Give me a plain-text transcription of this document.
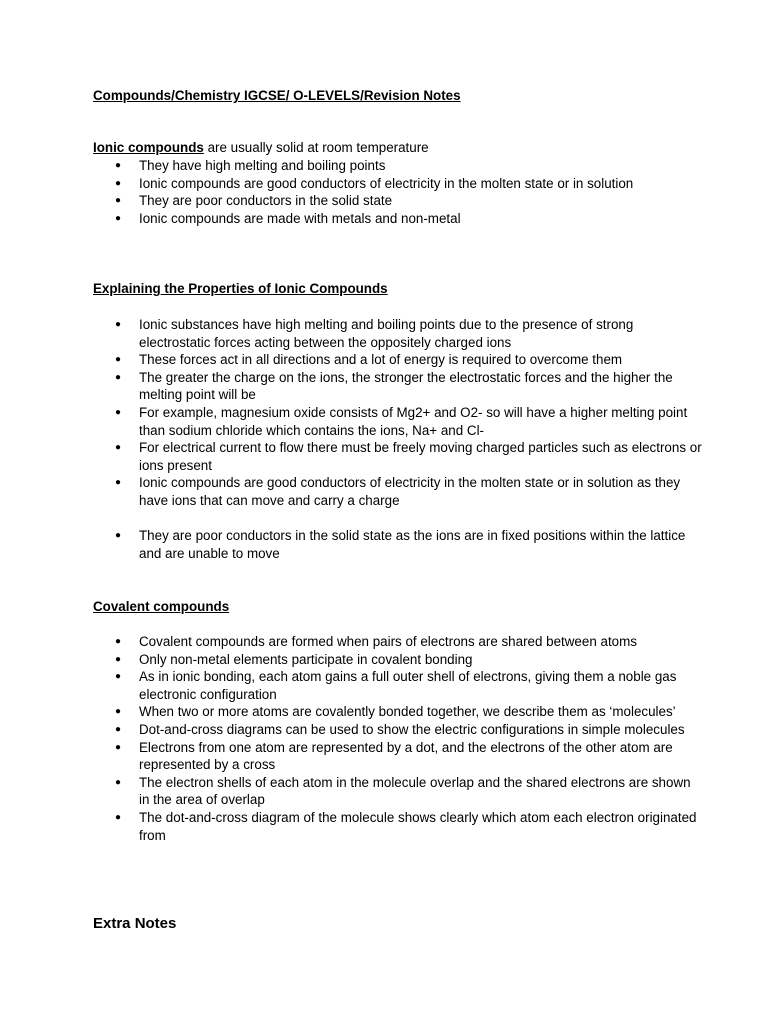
Compounds/Chemistry IGCSE/ O-LEVELS/Revision Notes
Ionic compounds are usually solid at room temperature
● They have high melting and boiling points
● Ionic compounds are good conductors of electricity in the molten state or in solution
● They are poor conductors in the solid state
● Ionic compounds are made with metals and non-metal
Explaining the Properties of Ionic Compounds
● Ionic substances have high melting and boiling points due to the presence of strong electrostatic forces acting between the oppositely charged ions
● These forces act in all directions and a lot of energy is required to overcome them
● The greater the charge on the ions, the stronger the electrostatic forces and the higher the melting point will be
● For example, magnesium oxide consists of Mg2+ and O2- so will have a higher melting point than sodium chloride which contains the ions, Na+ and Cl-
● For electrical current to flow there must be freely moving charged particles such as electrons or ions present
● Ionic compounds are good conductors of electricity in the molten state or in solution as they have ions that can move and carry a charge
● They are poor conductors in the solid state as the ions are in fixed positions within the lattice and are unable to move
Covalent compounds
● Covalent compounds are formed when pairs of electrons are shared between atoms
● Only non-metal elements participate in covalent bonding
● As in ionic bonding, each atom gains a full outer shell of electrons, giving them a noble gas electronic configuration
● When two or more atoms are covalently bonded together, we describe them as ‘molecules’
● Dot-and-cross diagrams can be used to show the electric configurations in simple molecules
● Electrons from one atom are represented by a dot, and the electrons of the other atom are represented by a cross
● The electron shells of each atom in the molecule overlap and the shared electrons are shown in the area of overlap
● The dot-and-cross diagram of the molecule shows clearly which atom each electron originated from
Extra Notes
